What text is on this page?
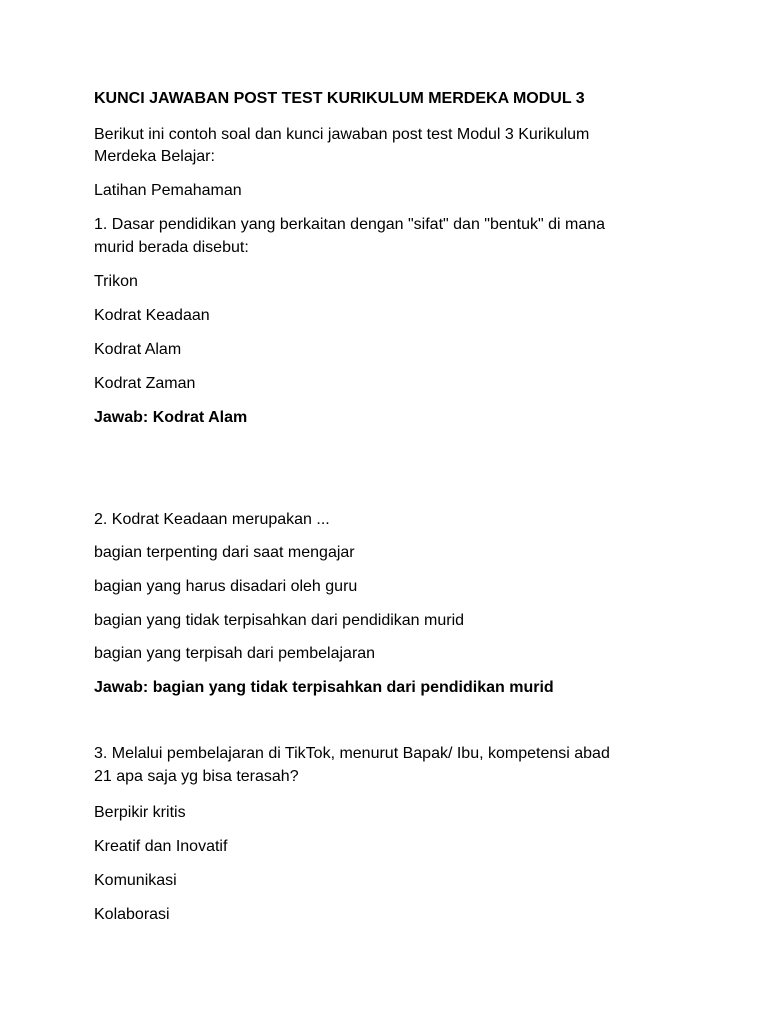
KUNCI JAWABAN POST TEST KURIKULUM MERDEKA MODUL 3

Berikut ini contoh soal dan kunci jawaban post test Modul 3 Kurikulum

Merdeka Belajar:

Latihan Pemahaman

1. Dasar pendidikan yang berkaitan dengan "sifat" dan "bentuk" di mana

murid berada disebut:

Trikon

Kodrat Keadaan

Kodrat Alam

Kodrat Zaman

Jawab: Kodrat Alam

2. Kodrat Keadaan merupakan ...

bagian terpenting dari saat mengajar

bagian yang harus disadari oleh guru

bagian yang tidak terpisahkan dari pendidikan murid

bagian yang terpisah dari pembelajaran

Jawab: bagian yang tidak terpisahkan dari pendidikan murid

3. Melalui pembelajaran di TikTok, menurut Bapak/ Ibu, kompetensi abad

21 apa saja yg bisa terasah?

Berpikir kritis

Kreatif dan Inovatif

Komunikasi

Kolaborasi
